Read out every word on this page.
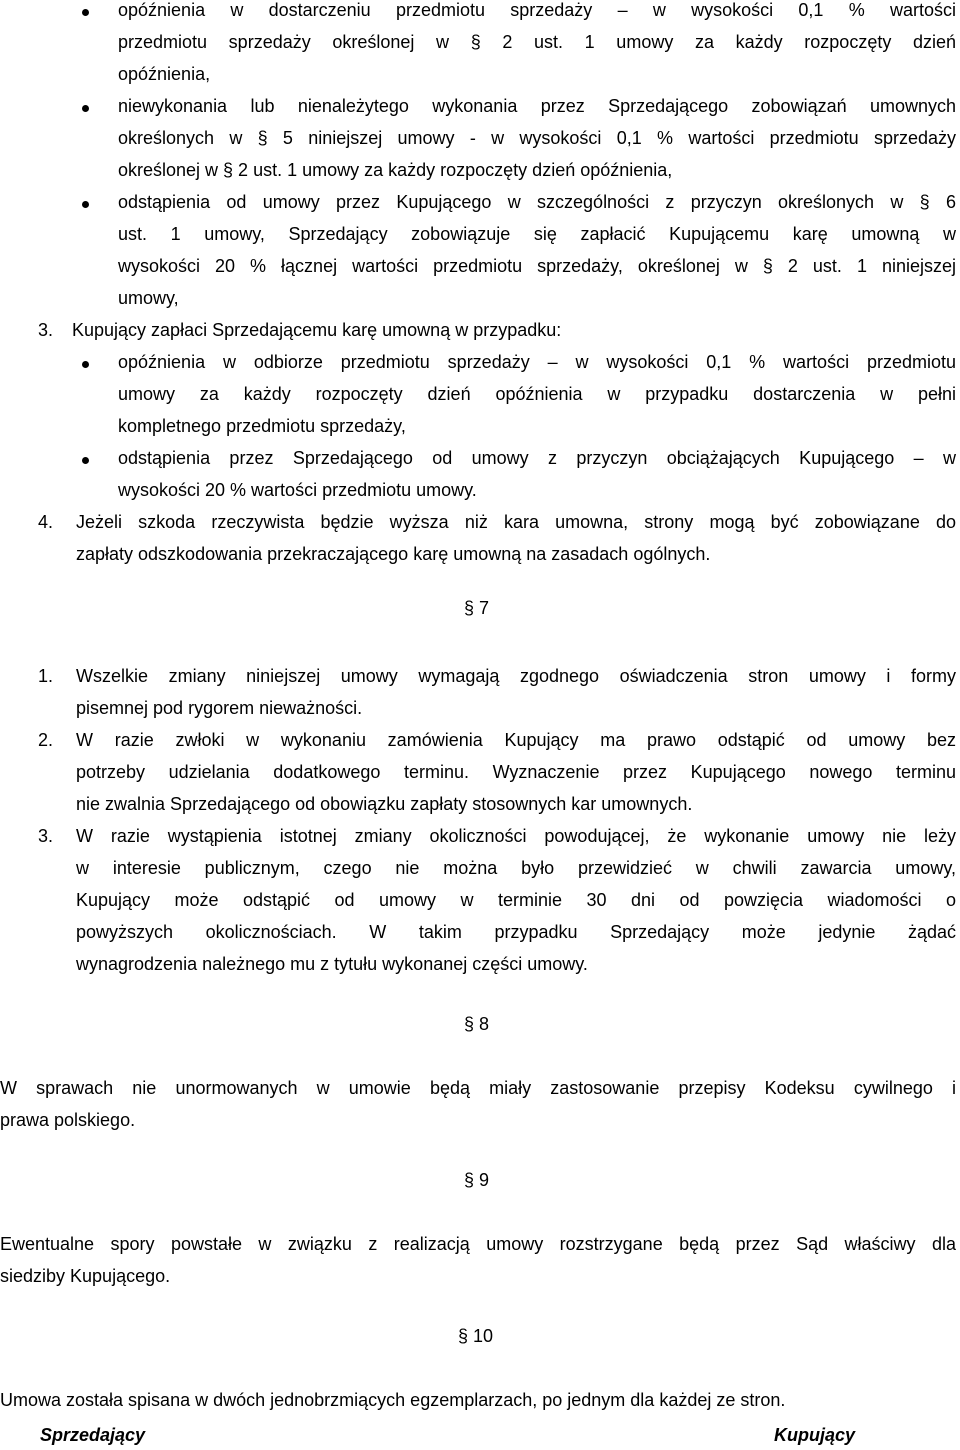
opóźnienia w dostarczeniu przedmiotu sprzedaży – w wysokości 0,1 % wartości
przedmiotu sprzedaży określonej w § 2 ust. 1 umowy za każdy rozpoczęty dzień
opóźnienia,
niewykonania lub nienależytego wykonania przez Sprzedającego zobowiązań umownych
określonych w § 5 niniejszej umowy - w wysokości 0,1 % wartości przedmiotu sprzedaży
określonej w § 2 ust. 1 umowy za każdy rozpoczęty dzień opóźnienia,
odstąpienia od umowy przez Kupującego w szczególności z przyczyn określonych w § 6
ust. 1 umowy, Sprzedający zobowiązuje się zapłacić Kupującemu karę umowną w
wysokości 20 % łącznej wartości przedmiotu sprzedaży, określonej w § 2 ust. 1 niniejszej
umowy,
3. Kupujący zapłaci Sprzedającemu karę umowną w przypadku:
opóźnienia w odbiorze przedmiotu sprzedaży – w wysokości 0,1 % wartości przedmiotu
umowy za każdy rozpoczęty dzień opóźnienia w przypadku dostarczenia w pełni
kompletnego przedmiotu sprzedaży,
odstąpienia przez Sprzedającego od umowy z przyczyn obciążających Kupującego – w
wysokości 20 % wartości przedmiotu umowy.
4. Jeżeli szkoda rzeczywista będzie wyższa niż kara umowna, strony mogą być zobowiązane do
zapłaty odszkodowania przekraczającego karę umowną na zasadach ogólnych.
§ 7
1. Wszelkie zmiany niniejszej umowy wymagają zgodnego oświadczenia stron umowy i formy
pisemnej pod rygorem nieważności.
2. W razie zwłoki w wykonaniu zamówienia Kupujący ma prawo odstąpić od umowy bez
potrzeby udzielania dodatkowego terminu. Wyznaczenie przez Kupującego nowego terminu
nie zwalnia Sprzedającego od obowiązku zapłaty stosownych kar umownych.
3. W razie wystąpienia istotnej zmiany okoliczności powodującej, że wykonanie umowy nie leży
w interesie publicznym, czego nie można było przewidzieć w chwili zawarcia umowy,
Kupujący może odstąpić od umowy w terminie 30 dni od powzięcia wiadomości o
powyższych okolicznościach. W takim przypadku Sprzedający może jedynie żądać
wynagrodzenia należnego mu z tytułu wykonanej części umowy.
§ 8
W sprawach nie unormowanych w umowie będą miały zastosowanie przepisy Kodeksu cywilnego i
prawa polskiego.
§ 9
Ewentualne spory powstałe w związku z realizacją umowy rozstrzygane będą przez Sąd właściwy dla
siedziby Kupującego.
§ 10
Umowa została spisana w dwóch jednobrzmiących egzemplarzach, po jednym dla każdej ze stron.
Sprzedający	Kupujący
